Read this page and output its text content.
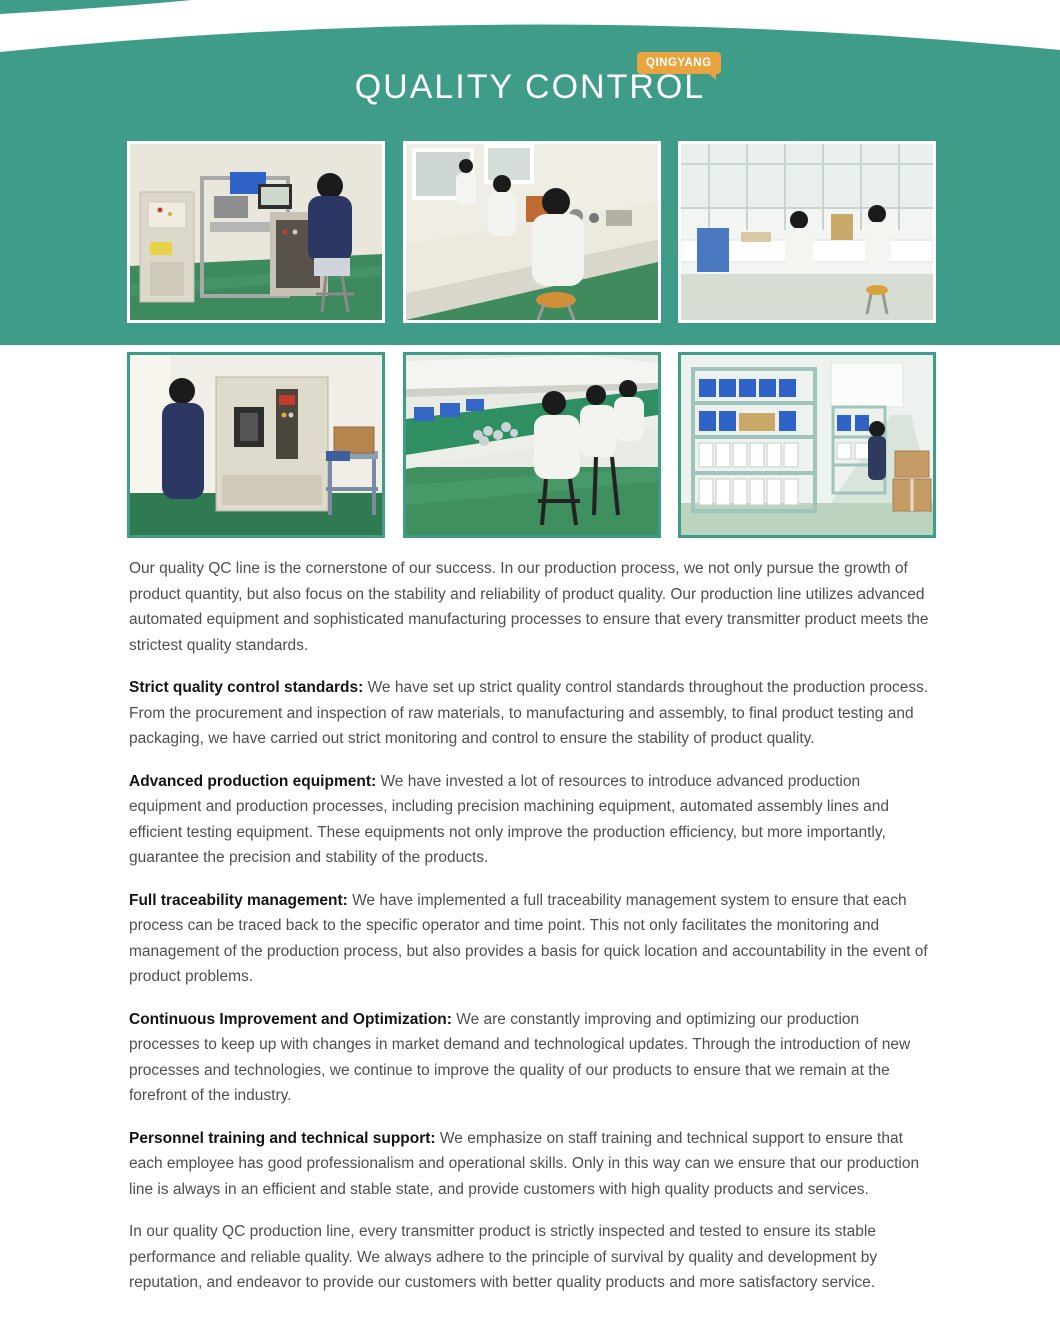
QINGYANG
QUALITY CONTROL

Our quality QC line is the cornerstone of our success. In our production process, we not only pursue the growth of product quantity, but also focus on the stability and reliability of product quality. Our production line utilizes advanced automated equipment and sophisticated manufacturing processes to ensure that every transmitter product meets the strictest quality standards.

Strict quality control standards: We have set up strict quality control standards throughout the production process. From the procurement and inspection of raw materials, to manufacturing and assembly, to final product testing and packaging, we have carried out strict monitoring and control to ensure the stability of product quality.

Advanced production equipment: We have invested a lot of resources to introduce advanced production equipment and production processes, including precision machining equipment, automated assembly lines and efficient testing equipment. These equipments not only improve the production efficiency, but more importantly, guarantee the precision and stability of the products.

Full traceability management: We have implemented a full traceability management system to ensure that each process can be traced back to the specific operator and time point. This not only facilitates the monitoring and management of the production process, but also provides a basis for quick location and accountability in the event of product problems.

Continuous Improvement and Optimization: We are constantly improving and optimizing our production processes to keep up with changes in market demand and technological updates. Through the introduction of new processes and technologies, we continue to improve the quality of our products to ensure that we remain at the forefront of the industry.

Personnel training and technical support: We emphasize on staff training and technical support to ensure that each employee has good professionalism and operational skills. Only in this way can we ensure that our production line is always in an efficient and stable state, and provide customers with high quality products and services.

In our quality QC production line, every transmitter product is strictly inspected and tested to ensure its stable performance and reliable quality. We always adhere to the principle of survival by quality and development by reputation, and endeavor to provide our customers with better quality products and more satisfactory service.
